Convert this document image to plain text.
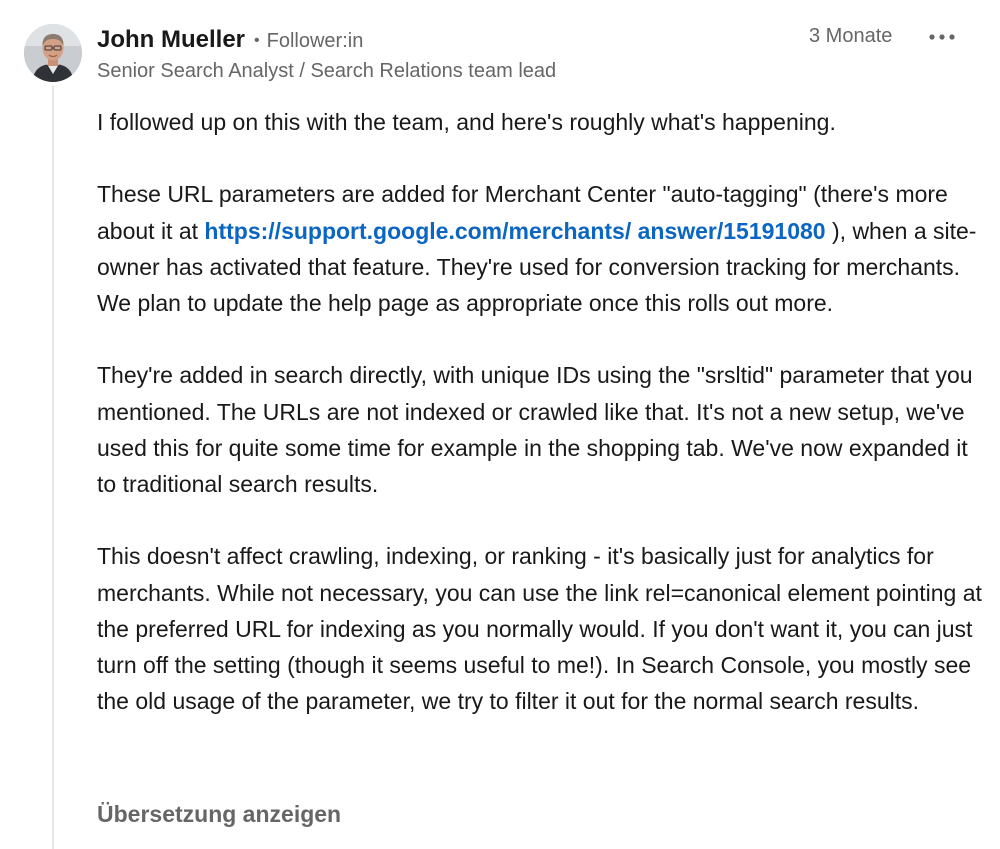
John Mueller • Follower:in
Senior Search Analyst / Search Relations team lead
3 Monate

I followed up on this with the team, and here's roughly what's happening.

These URL parameters are added for Merchant Center "auto-tagging" (there's more about it at https://support.google.com/merchants/ answer/15191080 ), when a site-owner has activated that feature. They're used for conversion tracking for merchants. We plan to update the help page as appropriate once this rolls out more.

They're added in search directly, with unique IDs using the "srsltid" parameter that you mentioned. The URLs are not indexed or crawled like that. It's not a new setup, we've used this for quite some time for example in the shopping tab. We've now expanded it to traditional search results.

This doesn't affect crawling, indexing, or ranking - it's basically just for analytics for merchants. While not necessary, you can use the link rel=canonical element pointing at the preferred URL for indexing as you normally would. If you don't want it, you can just turn off the setting (though it seems useful to me!). In Search Console, you mostly see the old usage of the parameter, we try to filter it out for the normal search results.

Übersetzung anzeigen
